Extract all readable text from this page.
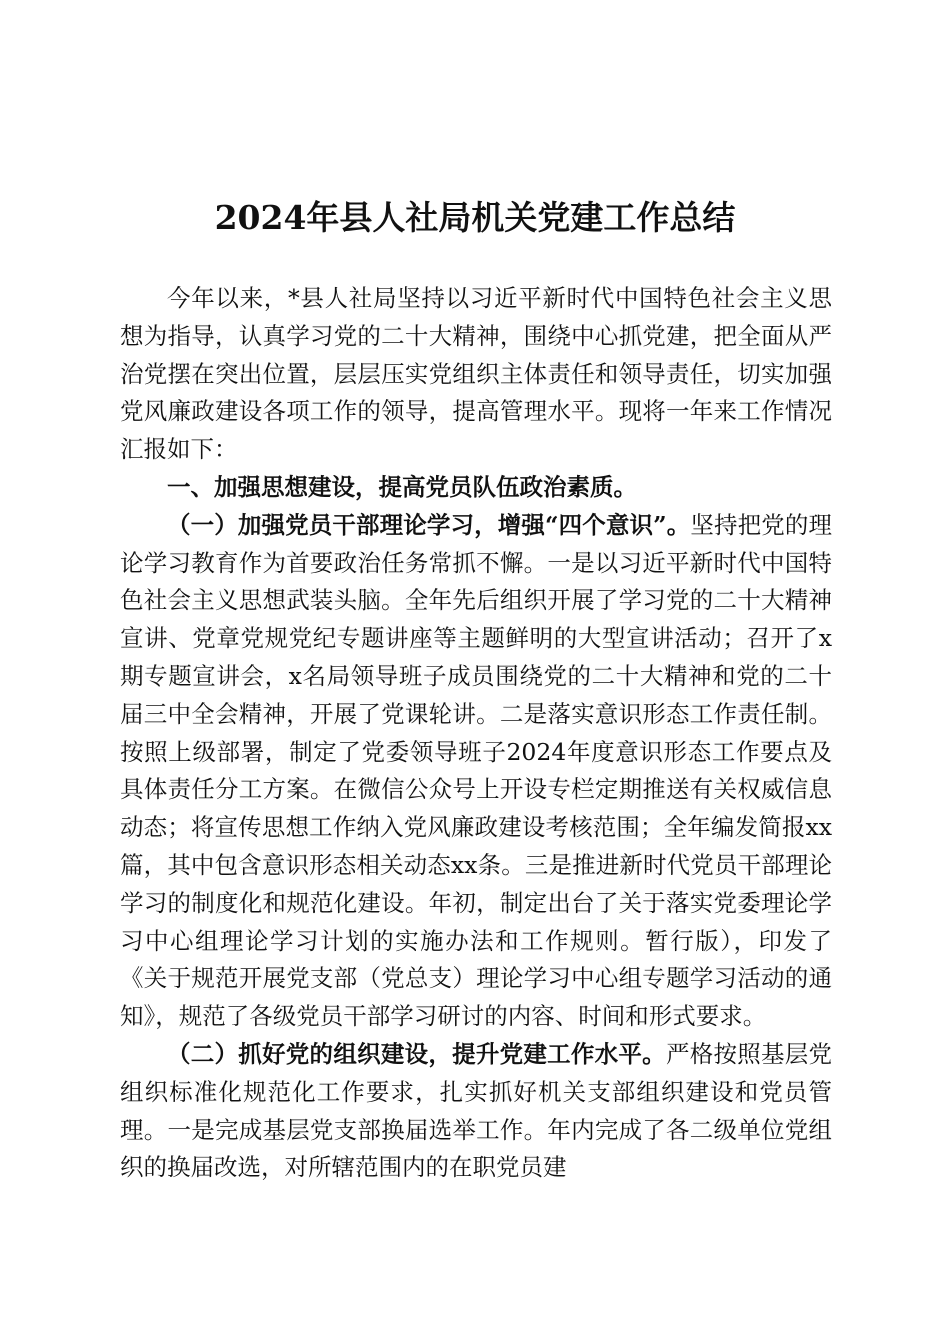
2024年县人社局机关党建工作总结

今年以来，*县人社局坚持以习近平新时代中国特色社会主义思想为指导，认真学习党的二十大精神，围绕中心抓党建，把全面从严治党摆在突出位置，层层压实党组织主体责任和领导责任，切实加强党风廉政建设各项工作的领导，提高管理水平。现将一年来工作情况汇报如下：

一、加强思想建设，提高党员队伍政治素质。

（一）加强党员干部理论学习，增强“四个意识”。坚持把党的理论学习教育作为首要政治任务常抓不懈。一是以习近平新时代中国特色社会主义思想武装头脑。全年先后组织开展了学习党的二十大精神宣讲、党章党规党纪专题讲座等主题鲜明的大型宣讲活动；召开了x期专题宣讲会，x名局领导班子成员围绕党的二十大精神和党的二十届三中全会精神，开展了党课轮讲。二是落实意识形态工作责任制。按照上级部署，制定了党委领导班子2024年度意识形态工作要点及具体责任分工方案。在微信公众号上开设专栏定期推送有关权威信息动态；将宣传思想工作纳入党风廉政建设考核范围；全年编发简报xx篇，其中包含意识形态相关动态xx条。三是推进新时代党员干部理论学习的制度化和规范化建设。年初，制定出台了关于落实党委理论学习中心组理论学习计划的实施办法和工作规则。暂行版），印发了《关于规范开展党支部（党总支）理论学习中心组专题学习活动的通知》，规范了各级党员干部学习研讨的内容、时间和形式要求。

（二）抓好党的组织建设，提升党建工作水平。严格按照基层党组织标准化规范化工作要求，扎实抓好机关支部组织建设和党员管理。一是完成基层党支部换届选举工作。年内完成了各二级单位党组织的换届改选，对所辖范围内的在职党员建
